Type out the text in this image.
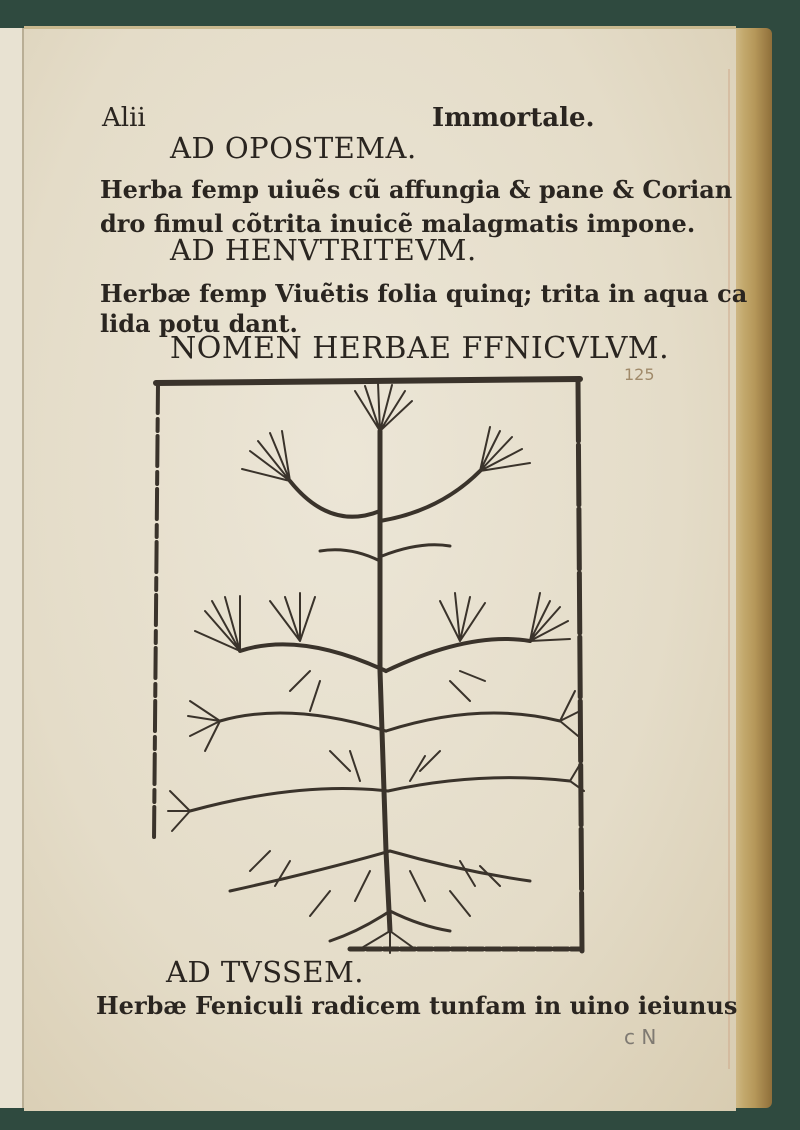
Alii	Immortale.
AD OPOSTEMA.
Herba femp uiuẽs cũ affungia & pane & Corian
dro fimul cõtrita inuicẽ malagmatis impone.
AD HENVTRITEVM.
Herbæ femp Viuẽtis folia quinq; trita in aqua ca
lida potu dant.
NOMEN HERBAE FFNICVLVM.
125
AD TVSSEM.
Herbæ Feniculi radicem tunfam in uino ieiunus
c N
